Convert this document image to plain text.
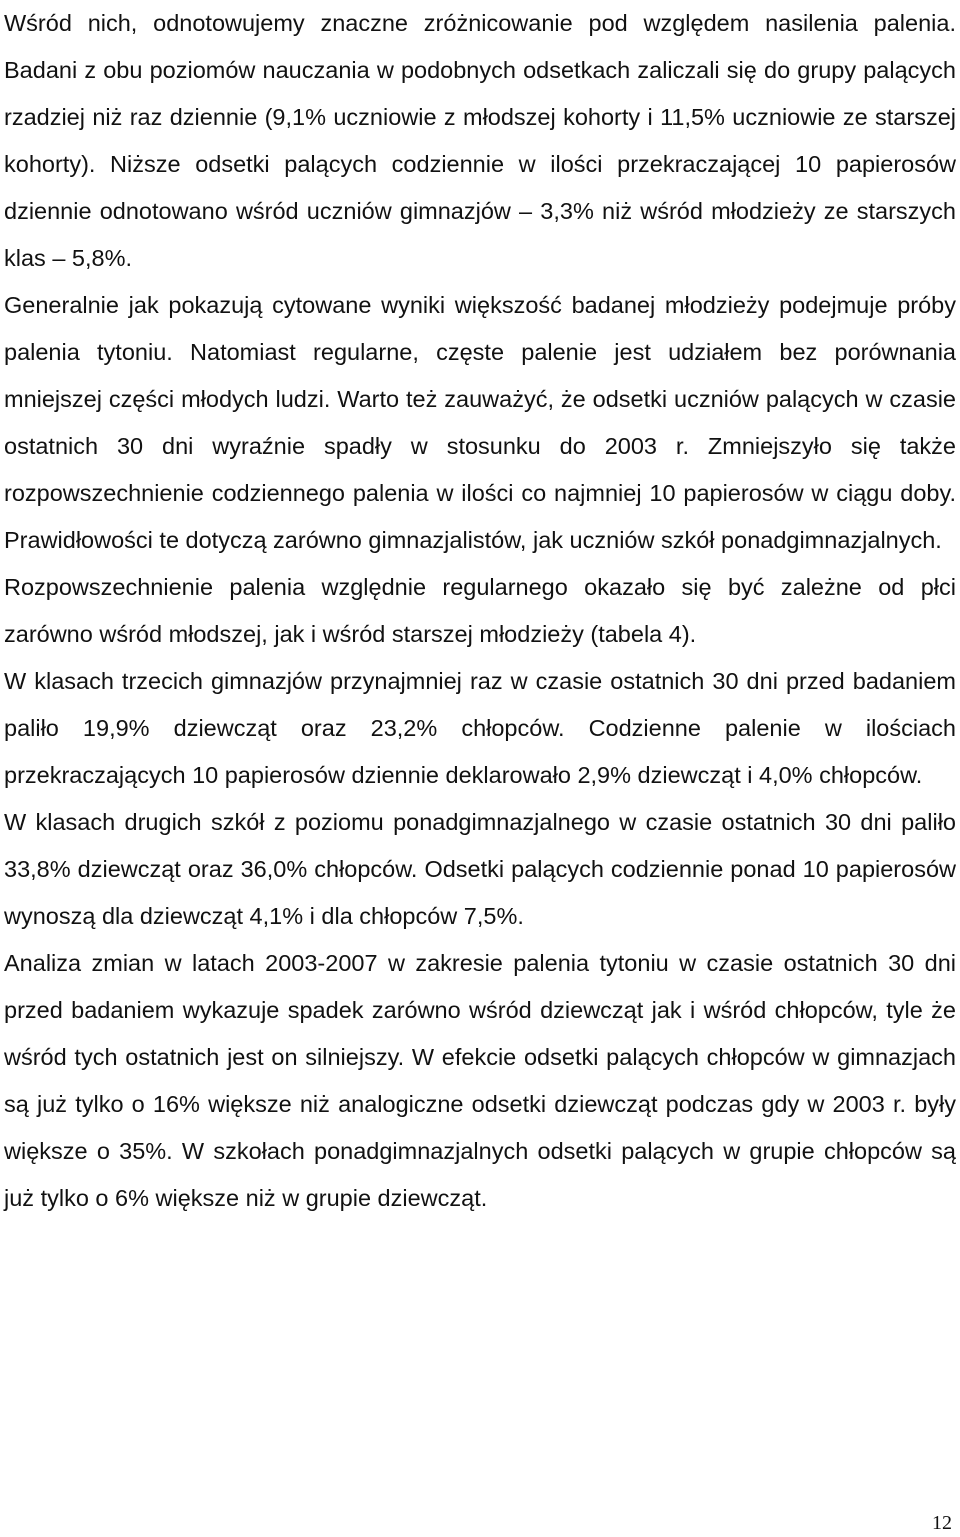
Wśród nich, odnotowujemy znaczne zróżnicowanie pod względem nasilenia palenia. Badani z obu poziomów nauczania w podobnych odsetkach zaliczali się do grupy palących rzadziej niż raz dziennie (9,1% uczniowie z młodszej kohorty i 11,5% uczniowie ze starszej kohorty). Niższe odsetki palących codziennie w ilości przekraczającej 10 papierosów dziennie odnotowano wśród uczniów gimnazjów – 3,3% niż wśród młodzieży ze starszych klas – 5,8%.

Generalnie jak pokazują cytowane wyniki większość badanej młodzieży podejmuje próby palenia tytoniu. Natomiast regularne, częste palenie jest udziałem bez porównania mniejszej części młodych ludzi. Warto też zauważyć, że odsetki uczniów palących w czasie ostatnich 30 dni wyraźnie spadły w stosunku do 2003 r. Zmniejszyło się także rozpowszechnienie codziennego palenia w ilości co najmniej 10 papierosów w ciągu doby. Prawidłowości te dotyczą zarówno gimnazjalistów, jak uczniów szkół ponadgimnazjalnych.

Rozpowszechnienie palenia względnie regularnego okazało się być zależne od płci zarówno wśród młodszej, jak i wśród starszej młodzieży (tabela 4).

W klasach trzecich gimnazjów przynajmniej raz w czasie ostatnich 30 dni przed badaniem paliło 19,9% dziewcząt oraz 23,2% chłopców. Codzienne palenie w ilościach przekraczających 10 papierosów dziennie deklarowało 2,9% dziewcząt i 4,0% chłopców.

W klasach drugich szkół z poziomu ponadgimnazjalnego w czasie ostatnich 30 dni paliło 33,8% dziewcząt oraz 36,0% chłopców. Odsetki palących codziennie ponad 10 papierosów wynoszą dla dziewcząt 4,1% i dla chłopców 7,5%.

Analiza zmian w latach 2003-2007 w zakresie palenia tytoniu w czasie ostatnich 30 dni przed badaniem wykazuje spadek zarówno wśród dziewcząt jak i wśród chłopców, tyle że wśród tych ostatnich jest on silniejszy. W efekcie odsetki palących chłopców w gimnazjach są już tylko o 16% większe niż analogiczne odsetki dziewcząt podczas gdy w 2003 r. były większe o 35%. W szkołach ponadgimnazjalnych odsetki palących w grupie chłopców są już tylko o 6% większe niż w grupie dziewcząt.

12
